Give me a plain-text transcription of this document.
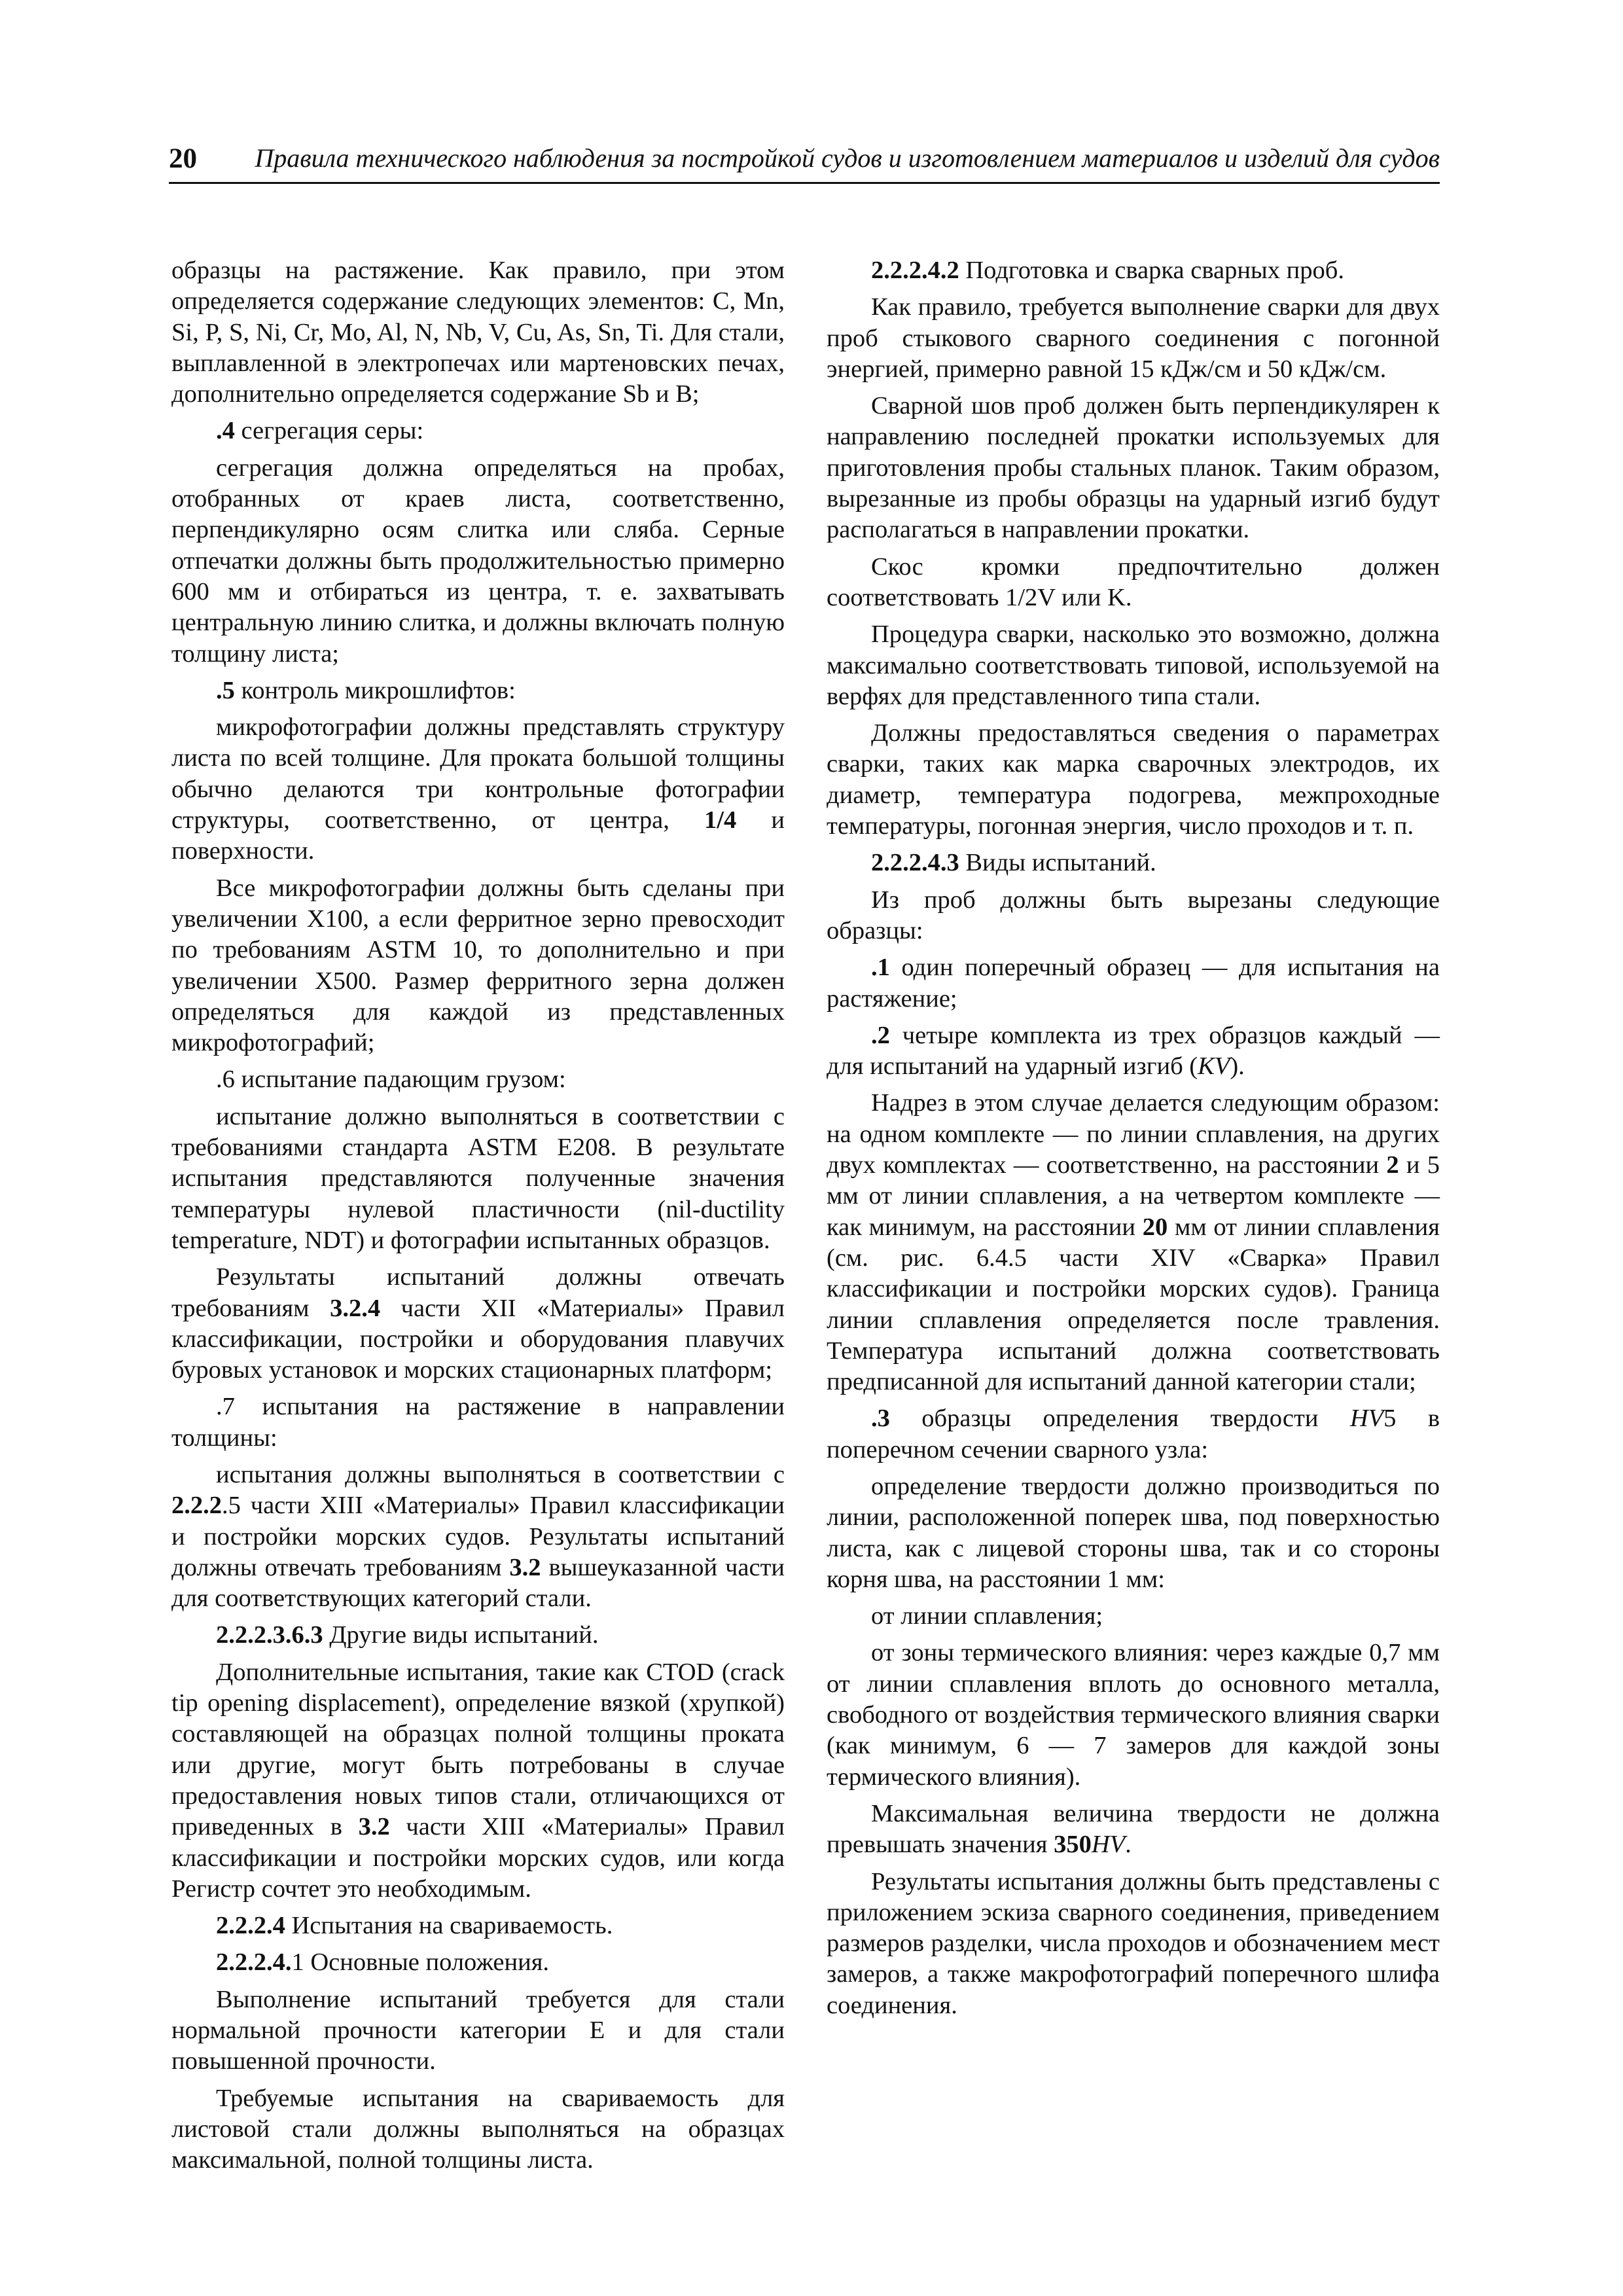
20 Правила технического наблюдения за постройкой судов и изготовлением материалов и изделий для судов

образцы на растяжение. Как правило, при этом определяется содержание следующих элементов: C, Mn, Si, P, S, Ni, Cr, Mo, Al, N, Nb, V, Cu, As, Sn, Ti. Для стали, выплавленной в электропечах или мартеновских печах, дополнительно определяется содержание Sb и B;

.4 сегрегация серы:

сегрегация должна определяться на пробах, отобранных от краев листа, соответственно, перпендикулярно осям слитка или сляба. Серные отпечатки должны быть продолжительностью примерно 600 мм и отбираться из центра, т. е. захватывать центральную линию слитка, и должны включать полную толщину листа;

.5 контроль микрошлифтов:

микрофотографии должны представлять структуру листа по всей толщине. Для проката большой толщины обычно делаются три контрольные фотографии структуры, соответственно, от центра, 1/4 и поверхности.

Все микрофотографии должны быть сделаны при увеличении X100, а если ферритное зерно превосходит по требованиям ASTM 10, то дополнительно и при увеличении X500. Размер ферритного зерна должен определяться для каждой из представленных микрофотографий;

.6 испытание падающим грузом:

испытание должно выполняться в соответствии с требованиями стандарта ASTM E208. В результате испытания представляются полученные значения температуры нулевой пластичности (nil-ductility temperature, NDT) и фотографии испытанных образцов.

Результаты испытаний должны отвечать требованиям 3.2.4 части XII «Материалы» Правил классификации, постройки и оборудования плавучих буровых установок и морских стационарных платформ;

.7 испытания на растяжение в направлении толщины:

испытания должны выполняться в соответствии с 2.2.2.5 части XIII «Материалы» Правил классификации и постройки морских судов. Результаты испытаний должны отвечать требованиям 3.2 вышеуказанной части для соответствующих категорий стали.

2.2.2.3.6.3 Другие виды испытаний.

Дополнительные испытания, такие как CTOD (crack tip opening displacement), определение вязкой (хрупкой) составляющей на образцах полной толщины проката или другие, могут быть потребованы в случае предоставления новых типов стали, отличающихся от приведенных в 3.2 части XIII «Материалы» Правил классификации и постройки морских судов, или когда Регистр сочтет это необходимым.

2.2.2.4 Испытания на свариваемость.

2.2.2.4.1 Основные положения.

Выполнение испытаний требуется для стали нормальной прочности категории E и для стали повышенной прочности.

Требуемые испытания на свариваемость для листовой стали должны выполняться на образцах максимальной, полной толщины листа.

2.2.2.4.2 Подготовка и сварка сварных проб.

Как правило, требуется выполнение сварки для двух проб стыкового сварного соединения с погонной энергией, примерно равной 15 кДж/см и 50 кДж/см.

Сварной шов проб должен быть перпендикулярен к направлению последней прокатки используемых для приготовления пробы стальных планок. Таким образом, вырезанные из пробы образцы на ударный изгиб будут располагаться в направлении прокатки.

Скос кромки предпочтительно должен соответствовать 1/2V или K.

Процедура сварки, насколько это возможно, должна максимально соответствовать типовой, используемой на верфях для представленного типа стали.

Должны предоставляться сведения о параметрах сварки, таких как марка сварочных электродов, их диаметр, температура подогрева, межпроходные температуры, погонная энергия, число проходов и т. п.

2.2.2.4.3 Виды испытаний.

Из проб должны быть вырезаны следующие образцы:

.1 один поперечный образец — для испытания на растяжение;

.2 четыре комплекта из трех образцов каждый — для испытаний на ударный изгиб (KV).

Надрез в этом случае делается следующим образом: на одном комплекте — по линии сплавления, на других двух комплектах — соответственно, на расстоянии 2 и 5 мм от линии сплавления, а на четвертом комплекте — как минимум, на расстоянии 20 мм от линии сплавления (см. рис. 6.4.5 части XIV «Сварка» Правил классификации и постройки морских судов). Граница линии сплавления определяется после травления. Температура испытаний должна соответствовать предписанной для испытаний данной категории стали;

.3 образцы определения твердости HV5 в поперечном сечении сварного узла:

определение твердости должно производиться по линии, расположенной поперек шва, под поверхностью листа, как с лицевой стороны шва, так и со стороны корня шва, на расстоянии 1 мм:

от линии сплавления;

от зоны термического влияния: через каждые 0,7 мм от линии сплавления вплоть до основного металла, свободного от воздействия термического влияния сварки (как минимум, 6 — 7 замеров для каждой зоны термического влияния).

Максимальная величина твердости не должна превышать значения 350HV.

Результаты испытания должны быть представлены с приложением эскиза сварного соединения, приведением размеров разделки, числа проходов и обозначением мест замеров, а также макрофотографий поперечного шлифа соединения.
